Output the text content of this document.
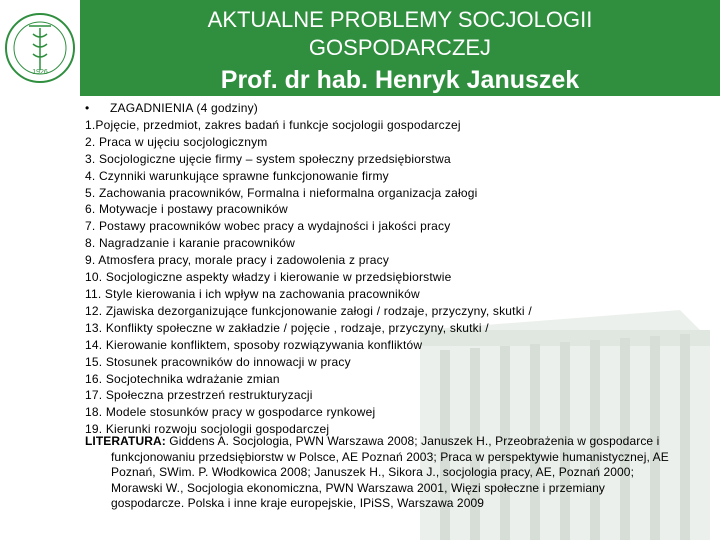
1926
AKTUALNE PROBLEMY SOCJOLOGII
GOSPODARCZEJ
Prof. dr hab. Henryk Januszek
•	ZAGADNIENIA (4 godziny)
1.Pojęcie, przedmiot, zakres badań i funkcje socjologii gospodarczej
2. Praca w ujęciu socjologicznym
3. Socjologiczne ujęcie firmy – system społeczny przedsiębiorstwa
4. Czynniki warunkujące sprawne funkcjonowanie firmy
5. Zachowania pracowników, Formalna i nieformalna organizacja załogi
6. Motywacje i postawy pracowników
7. Postawy pracowników wobec pracy a wydajności i jakości pracy
8. Nagradzanie i karanie pracowników
9. Atmosfera pracy, morale pracy i zadowolenia z pracy
10. Socjologiczne aspekty władzy i kierowanie w przedsiębiorstwie
11. Style kierowania i ich wpływ na zachowania pracowników
12. Zjawiska dezorganizujące funkcjonowanie załogi / rodzaje, przyczyny, skutki /
13. Konflikty społeczne w zakładzie / pojęcie , rodzaje, przyczyny, skutki /
14. Kierowanie konfliktem, sposoby rozwiązywania konfliktów
15. Stosunek pracowników do innowacji w pracy
16. Socjotechnika wdrażanie zmian
17. Społeczna przestrzeń restrukturyzacji
18. Modele stosunków pracy w gospodarce rynkowej
19. Kierunki rozwoju socjologii gospodarczej
LITERATURA: Giddens A. Socjologia, PWN Warszawa 2008; Januszek H., Przeobrażenia w gospodarce i
funkcjonowaniu przedsiębiorstw w Polsce, AE Poznań 2003; Praca w perspektywie humanistycznej, AE
Poznań, SWim. P. Włodkowica 2008; Januszek H., Sikora J., socjologia pracy, AE, Poznań 2000;
Morawski W., Socjologia ekonomiczna, PWN Warszawa 2001, Więzi społeczne i przemiany
gospodarcze. Polska i inne kraje europejskie, IPiSS, Warszawa 2009
